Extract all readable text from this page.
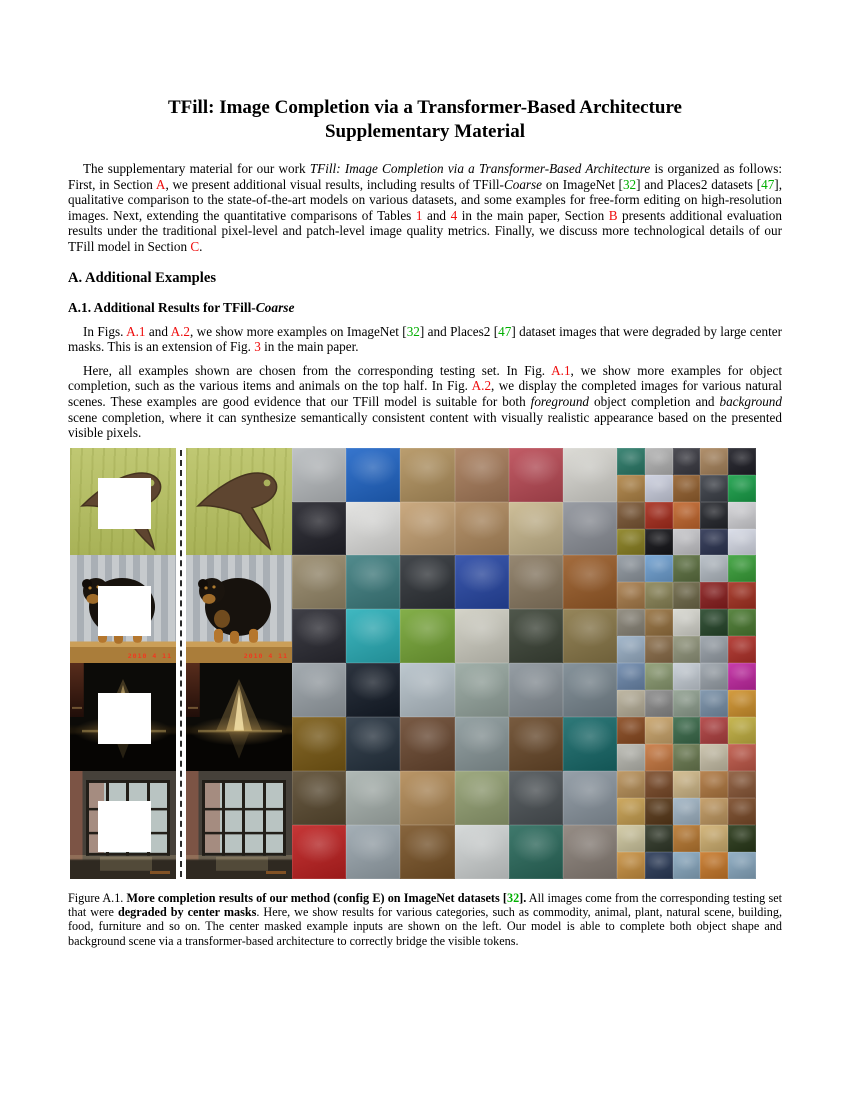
TFill: Image Completion via a Transformer-Based Architecture
Supplementary Material

The supplementary material for our work TFill: Image Completion via a Transformer-Based Architecture is organized as follows: First, in Section A, we present additional visual results, including results of TFill-Coarse on ImageNet [32] and Places2 datasets [47], qualitative comparison to the state-of-the-art models on various datasets, and some examples for free-form editing on high-resolution images. Next, extending the quantitative comparisons of Tables 1 and 4 in the main paper, Section B presents additional evaluation results under the traditional pixel-level and patch-level image quality metrics. Finally, we discuss more technological details of our TFill model in Section C.

A. Additional Examples
A.1. Additional Results for TFill-Coarse

In Figs. A.1 and A.2, we show more examples on ImageNet [32] and Places2 [47] dataset images that were degraded by large center masks. This is an extension of Fig. 3 in the main paper.

Here, all examples shown are chosen from the corresponding testing set. In Fig. A.1, we show more examples for object completion, such as the various items and animals on the top half. In Fig. A.2, we display the completed images for various natural scenes. These examples are good evidence that our TFill model is suitable for both foreground object completion and background scene completion, where it can synthesize semantically consistent content with visually realistic appearance based on the presented visible pixels.

2010 4 11	2010 4 11

Figure A.1. More completion results of our method (config E) on ImageNet datasets [32]. All images come from the corresponding testing set that were degraded by center masks. Here, we show results for various categories, such as commodity, animal, plant, natural scene, building, food, furniture and so on. The center masked example inputs are shown on the left. Our model is able to complete both object shape and background scene via a transformer-based architecture to correctly bridge the visible tokens.
